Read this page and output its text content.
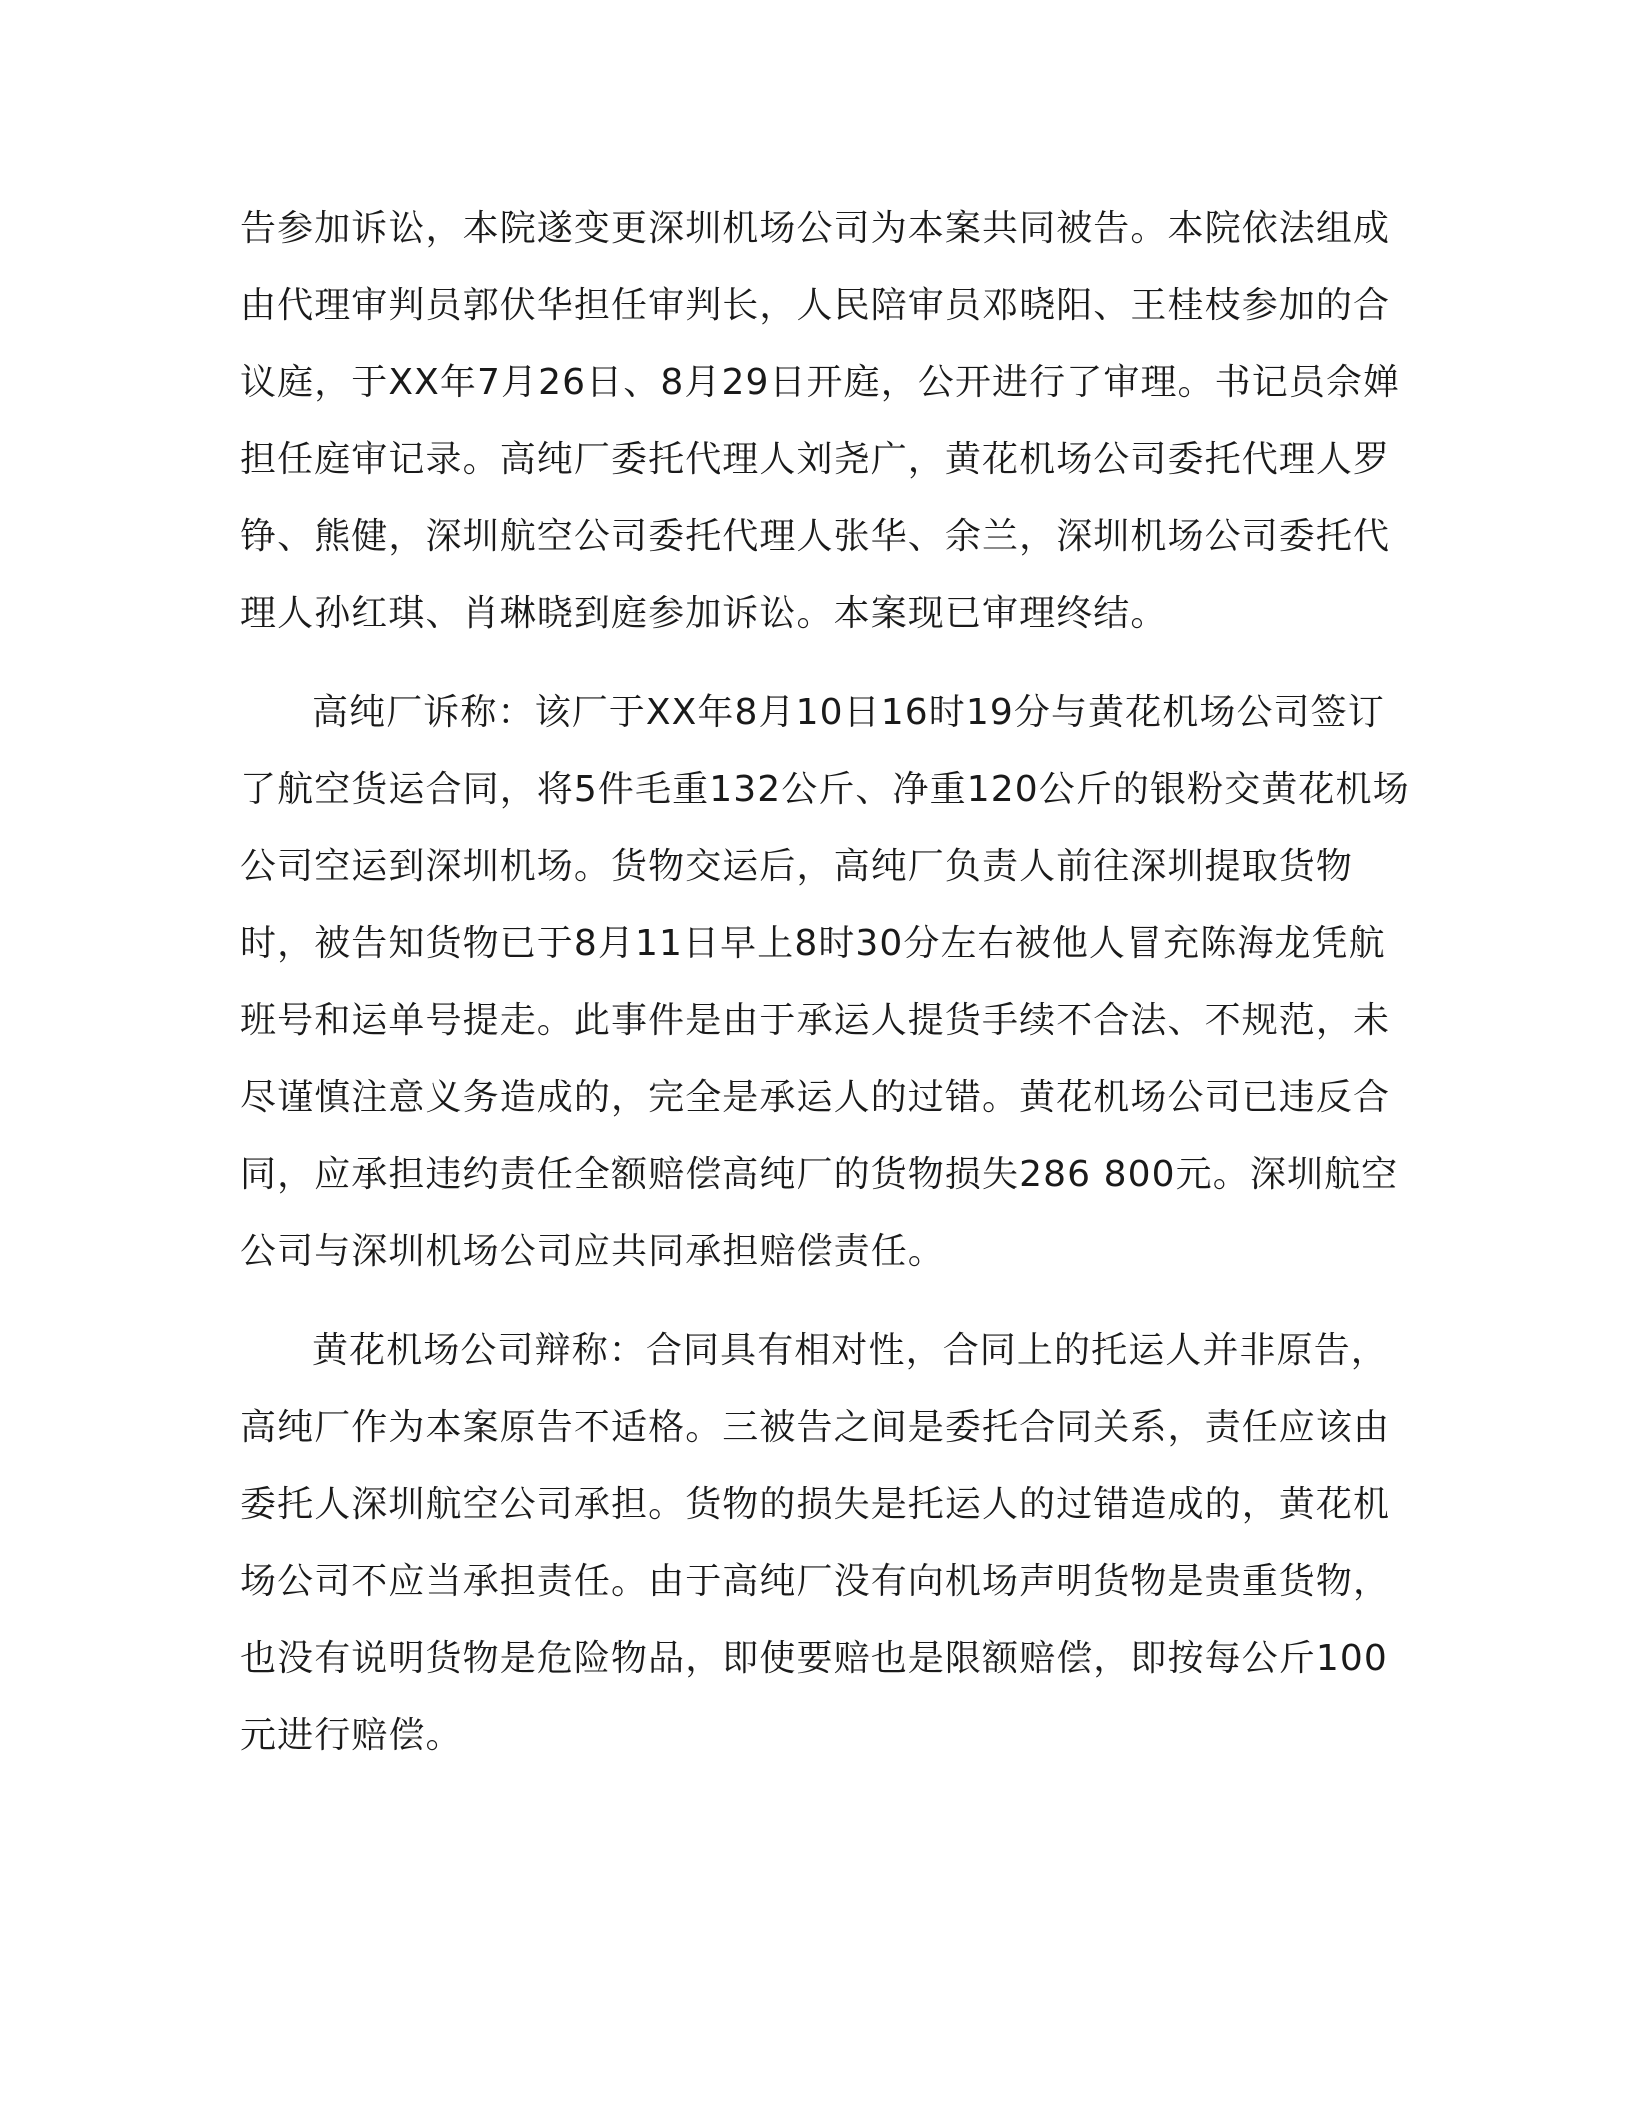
告参加诉讼，本院遂变更深圳机场公司为本案共同被告。本院依法组成由代理审判员郭伏华担任审判长，人民陪审员邓晓阳、王桂枝参加的合议庭，于XX年7月26日、8月29日开庭，公开进行了审理。书记员佘婵担任庭审记录。高纯厂委托代理人刘尧广，黄花机场公司委托代理人罗铮、熊健，深圳航空公司委托代理人张华、余兰，深圳机场公司委托代理人孙红琪、肖琳晓到庭参加诉讼。本案现已审理终结。

高纯厂诉称：该厂于XX年8月10日16时19分与黄花机场公司签订了航空货运合同，将5件毛重132公斤、净重120公斤的银粉交黄花机场公司空运到深圳机场。货物交运后，高纯厂负责人前往深圳提取货物时，被告知货物已于8月11日早上8时30分左右被他人冒充陈海龙凭航班号和运单号提走。此事件是由于承运人提货手续不合法、不规范，未尽谨慎注意义务造成的，完全是承运人的过错。黄花机场公司已违反合同，应承担违约责任全额赔偿高纯厂的货物损失286 800元。深圳航空公司与深圳机场公司应共同承担赔偿责任。

黄花机场公司辩称：合同具有相对性，合同上的托运人并非原告，高纯厂作为本案原告不适格。三被告之间是委托合同关系，责任应该由委托人深圳航空公司承担。货物的损失是托运人的过错造成的，黄花机场公司不应当承担责任。由于高纯厂没有向机场声明货物是贵重货物，也没有说明货物是危险物品，即使要赔也是限额赔偿，即按每公斤100元进行赔偿。
